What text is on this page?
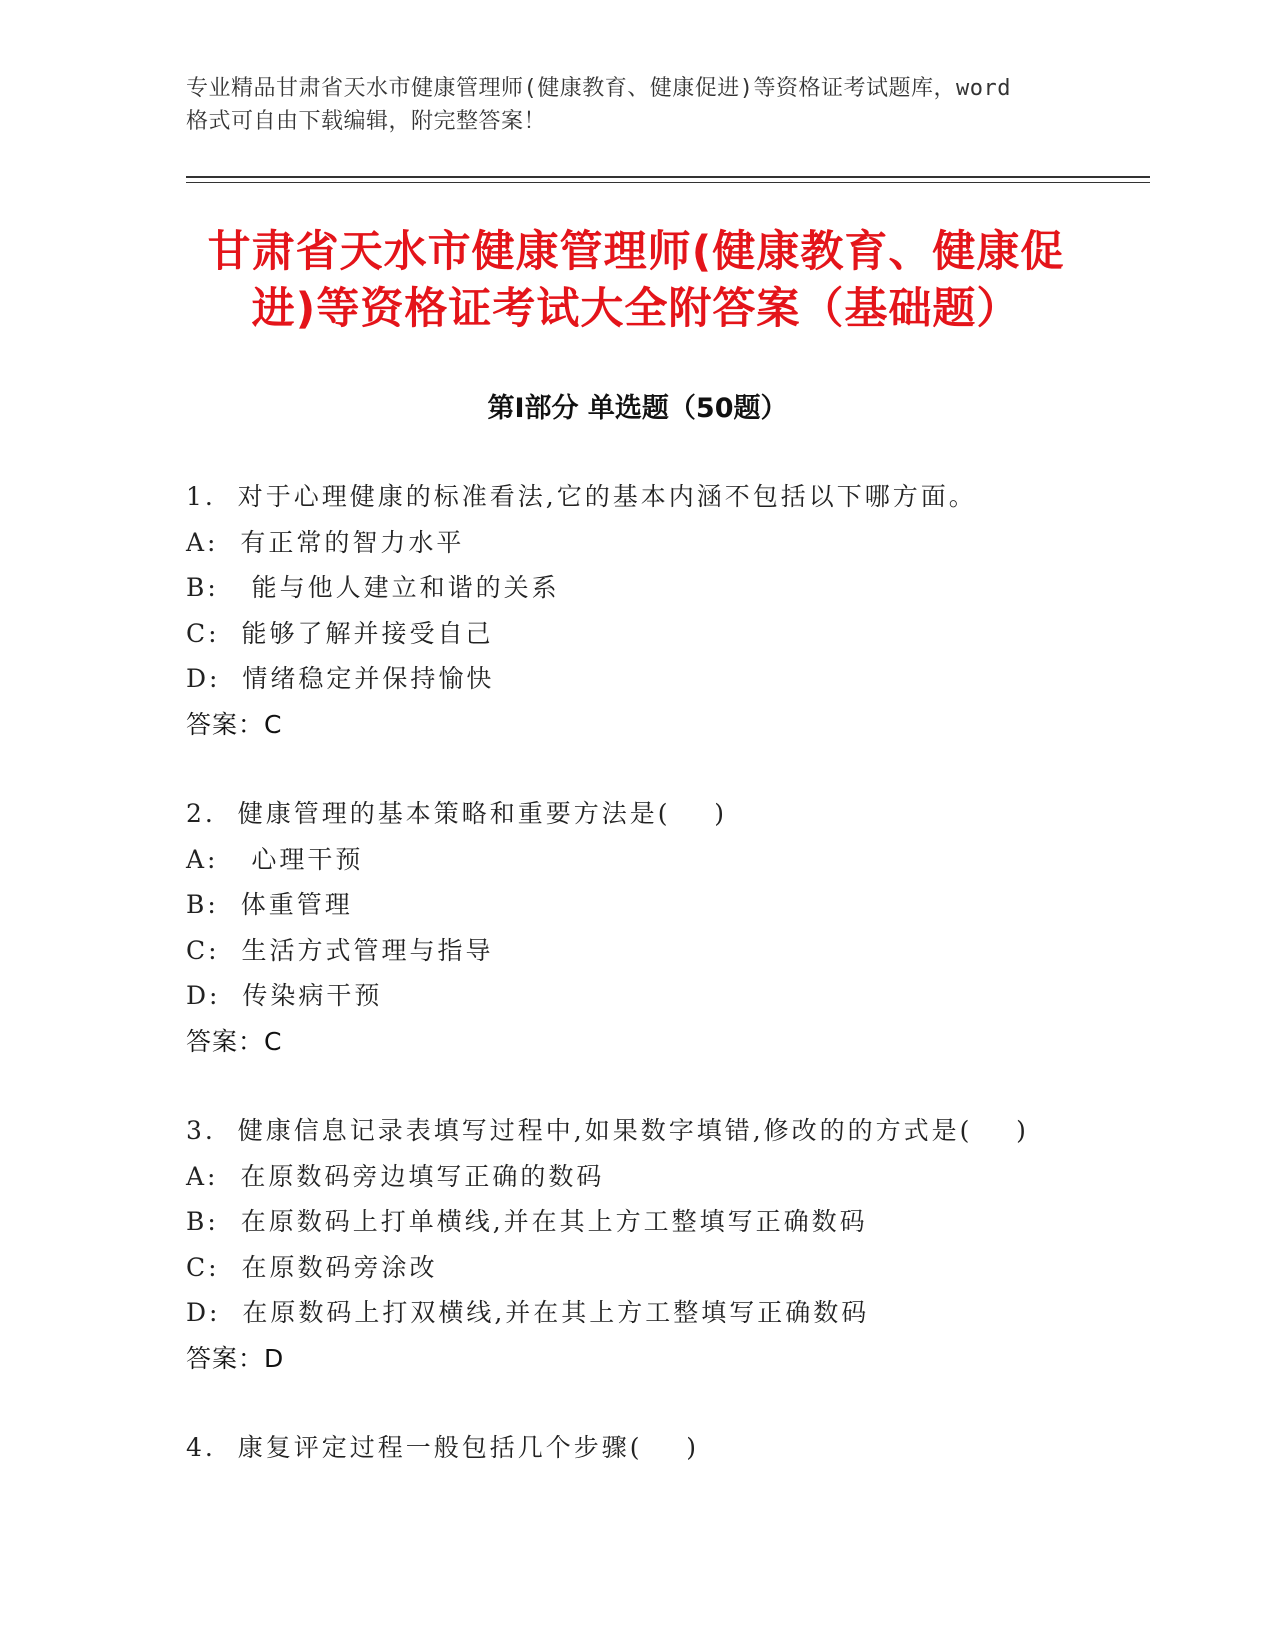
专业精品甘肃省天水市健康管理师(健康教育、健康促进)等资格证考试题库，word
格式可自由下载编辑，附完整答案！
甘肃省天水市健康管理师(健康教育、健康促
进)等资格证考试大全附答案（基础题）
第Ⅰ部分 单选题（50题）
1.  对于心理健康的标准看法,它的基本内涵不包括以下哪方面。
A:  有正常的智力水平
B:   能与他人建立和谐的关系
C:  能够了解并接受自己
D:  情绪稳定并保持愉快
答案：C
2.  健康管理的基本策略和重要方法是(    )
A:   心理干预
B:  体重管理
C:  生活方式管理与指导
D:  传染病干预
答案：C
3.  健康信息记录表填写过程中,如果数字填错,修改的的方式是(    )
A:  在原数码旁边填写正确的数码
B:  在原数码上打单横线,并在其上方工整填写正确数码
C:  在原数码旁涂改
D:  在原数码上打双横线,并在其上方工整填写正确数码
答案：D
4.  康复评定过程一般包括几个步骤(    )
